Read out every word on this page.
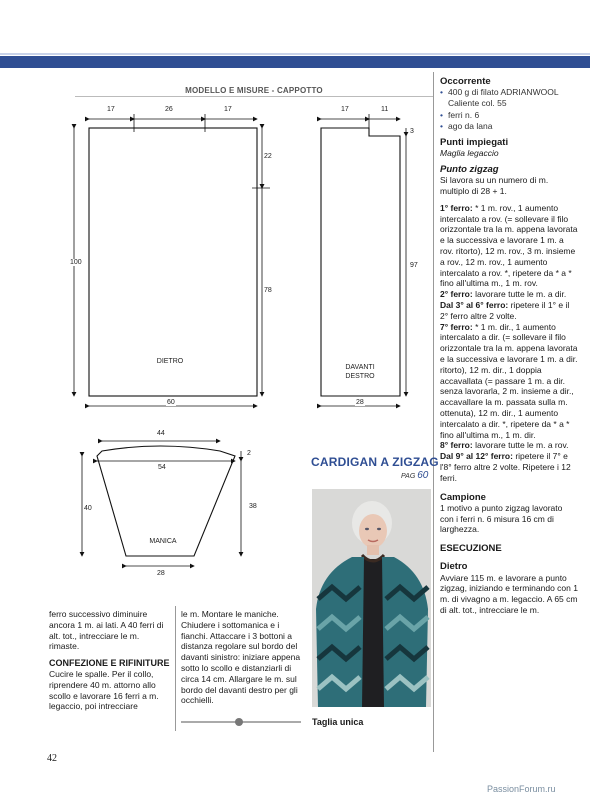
MODELLO E MISURE - CAPPOTTO
17	26	17
100
22
78
60
DIETRO
17	11
3
97
28
DAVANTI
DESTRO
44
54
2
40	38
28
MANICA
Occorrente
• 400 g di filato ADRIANWOOL Caliente col. 55
• ferri n. 6
• ago da lana
Punti impiegati
Maglia legaccio
Punto zigzag
Si lavora su un numero di m. multiplo di 28 + 1.
1° ferro: * 1 m. rov., 1 aumento intercalato a rov. (= sollevare il filo orizzontale tra la m. appena lavorata e la successiva e lavorare 1 m. a rov. ritorto), 12 m. rov., 3 m. insieme a rov., 12 m. rov., 1 aumento intercalato a rov. *, ripetere da * a * fino all'ultima m., 1 m. rov.
2° ferro: lavorare tutte le m. a dir.
Dal 3° al 6° ferro: ripetere il 1° e il 2° ferro altre 2 volte.
7° ferro: * 1 m. dir., 1 aumento intercalato a dir. (= sollevare il filo orizzontale tra la m. appena lavorata e la successiva e lavorare 1 m. a dir. ritorto), 12 m. dir., 1 doppia accavallata (= passare 1 m. a dir. senza lavorarla, 2 m. insieme a dir., accavallare la m. passata sulla m. ottenuta), 12 m. dir., 1 aumento intercalato a dir. *, ripetere da * a * fino all'ultima m., 1 m. dir.
8° ferro: lavorare tutte le m. a rov.
Dal 9° al 12° ferro: ripetere il 7° e l'8° ferro altre 2 volte. Ripetere i 12 ferri.
Campione
1 motivo a punto zigzag lavorato con i ferri n. 6 misura 16 cm di larghezza.
ESECUZIONE
Dietro
Avviare 115 m. e lavorare a punto zigzag, iniziando e terminando con 1 m. di vivagno a m. legaccio. A 65 cm di alt. tot., intrecciare le m.
CARDIGAN A ZIGZAG
PAG 60
Taglia unica
ferro successivo diminuire ancora 1 m. ai lati. A 40 ferri di alt. tot., intrecciare le m. rimaste.
CONFEZIONE E RIFINITURE
Cucire le spalle. Per il collo, riprendere 40 m. attorno allo scollo e lavorare 16 ferri a m. legaccio, poi intrecciare
le m. Montare le maniche. Chiudere i sottomanica e i fianchi. Attaccare i 3 bottoni a distanza regolare sul bordo del davanti sinistro: iniziare appena sotto lo scollo e distanziarli di circa 14 cm. Allargare le m. sul bordo del davanti destro per gli occhielli.
42
PassionForum.ru
